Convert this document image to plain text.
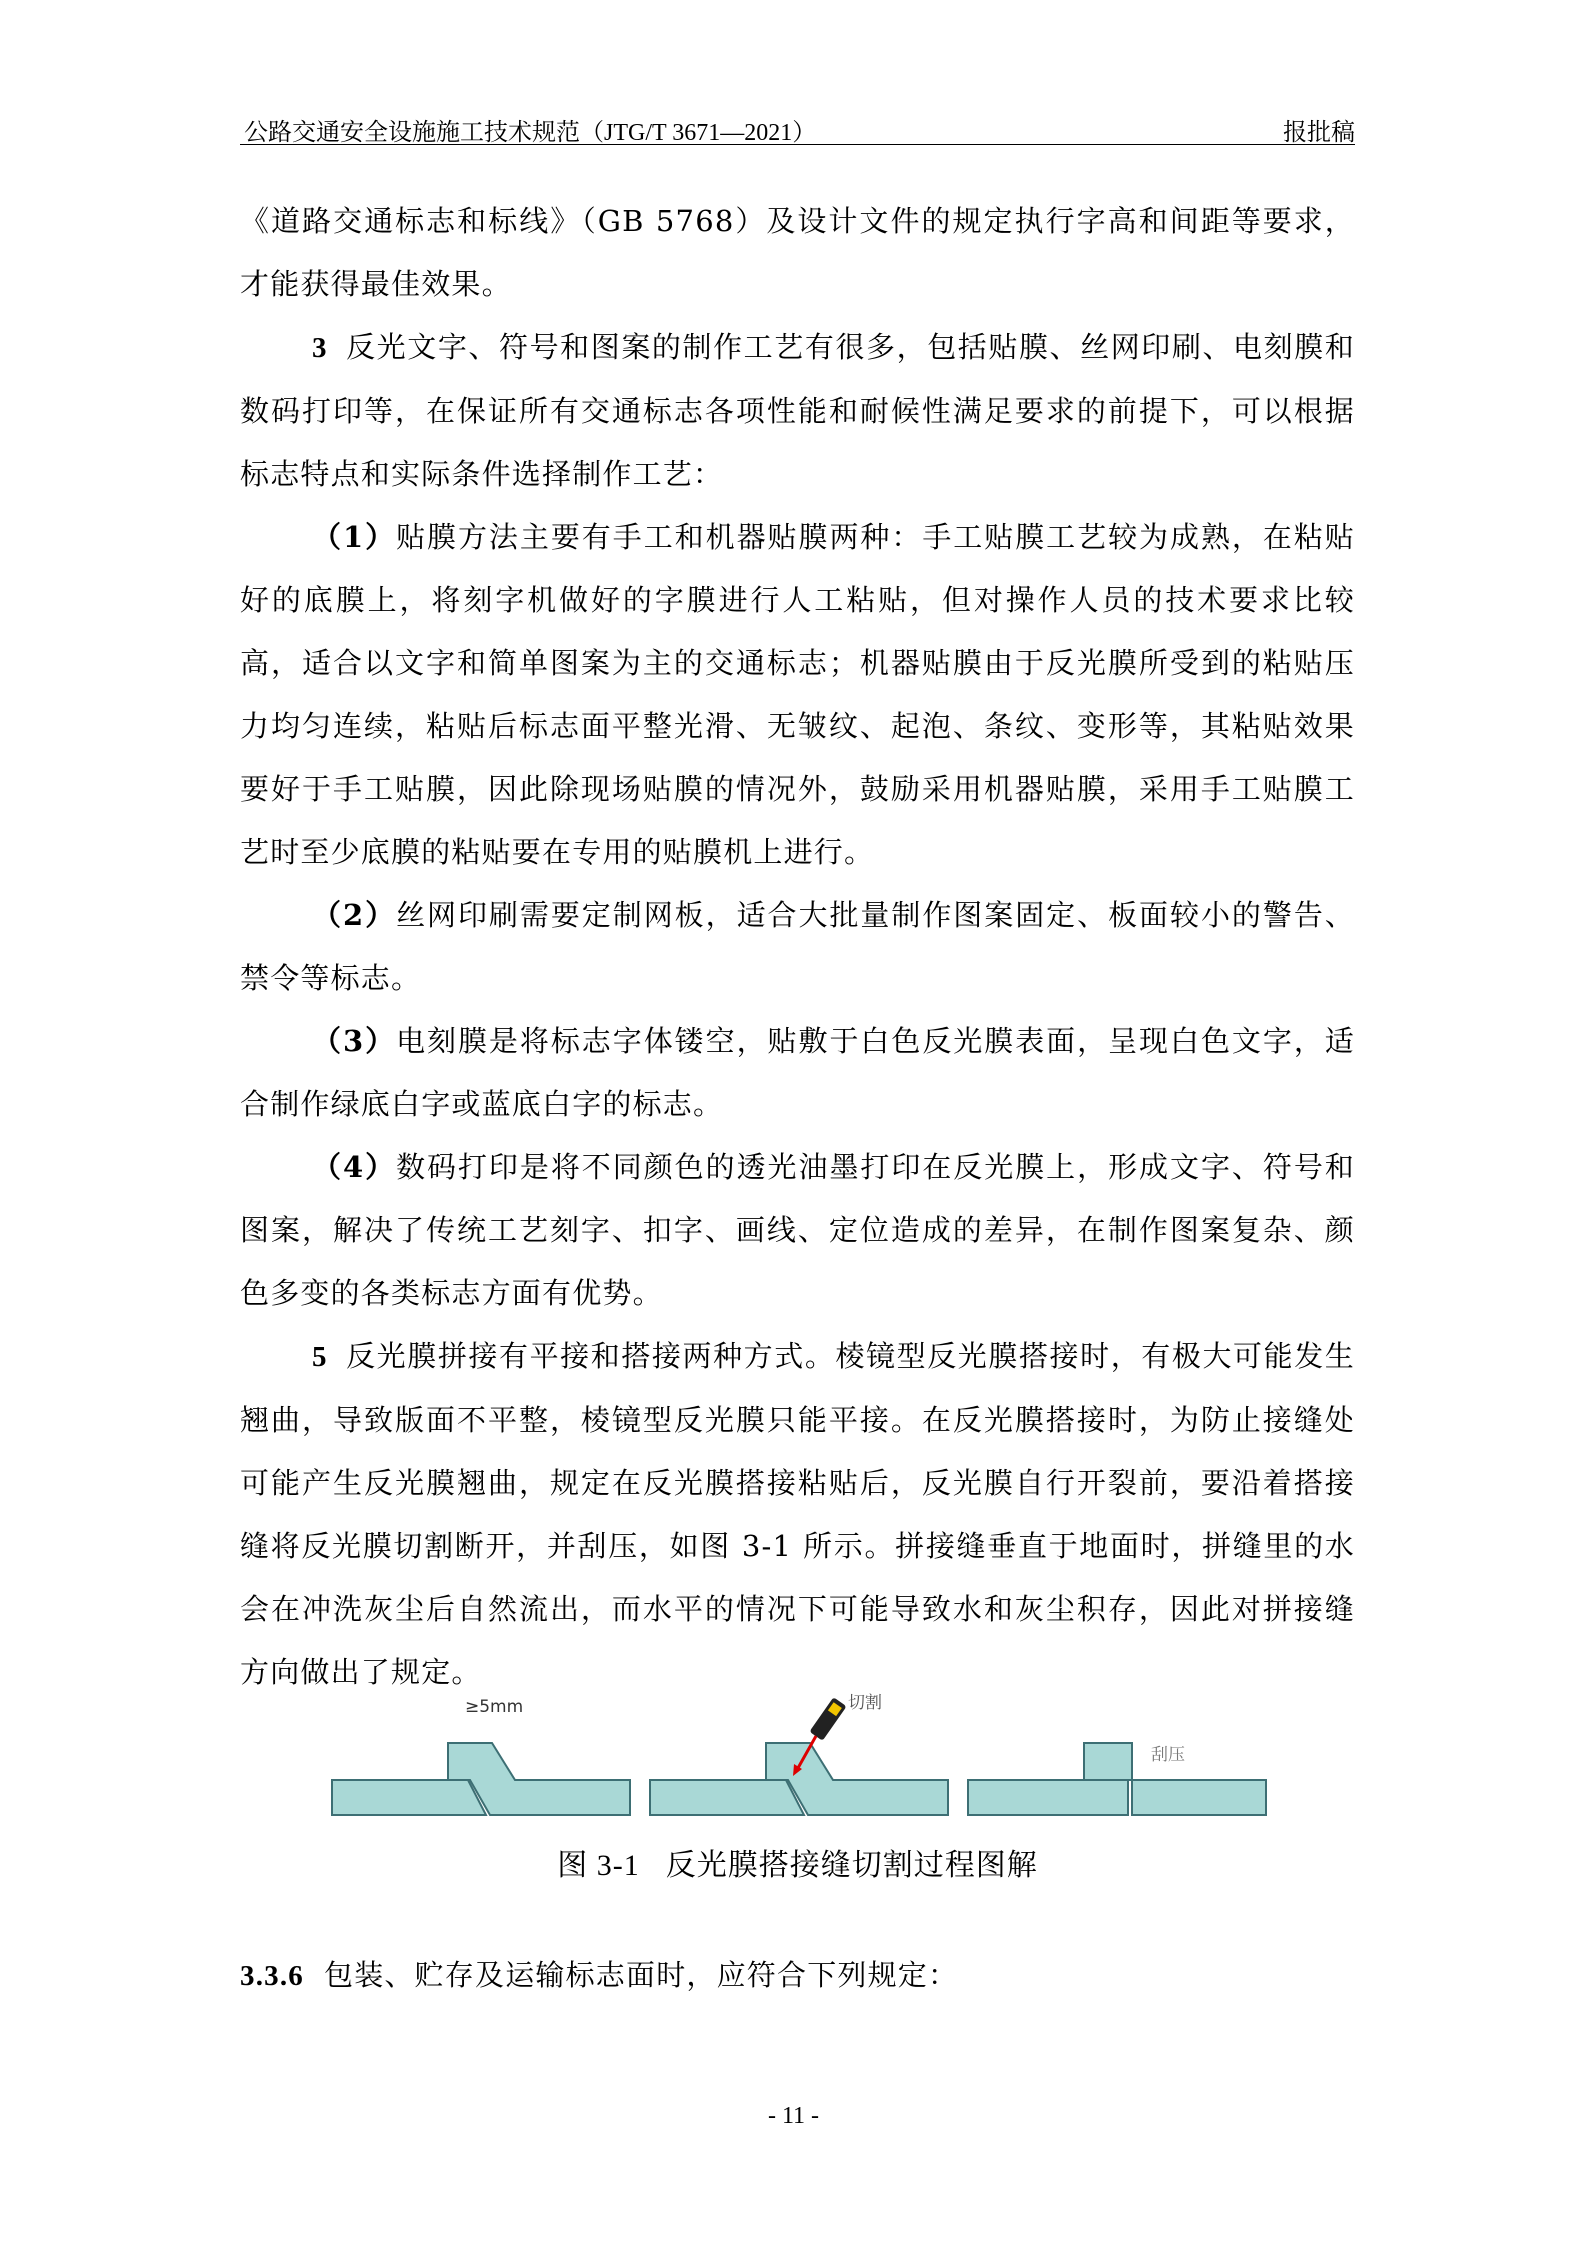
公路交通安全设施施工技术规范（JTG/T 3671—2021）	报批稿

《道路交通标志和标线》（GB 5768）及设计文件的规定执行字高和间距等要求，才能获得最佳效果。

3 反光文字、符号和图案的制作工艺有很多，包括贴膜、丝网印刷、电刻膜和数码打印等，在保证所有交通标志各项性能和耐候性满足要求的前提下，可以根据标志特点和实际条件选择制作工艺：

（1）贴膜方法主要有手工和机器贴膜两种：手工贴膜工艺较为成熟，在粘贴好的底膜上，将刻字机做好的字膜进行人工粘贴，但对操作人员的技术要求比较高，适合以文字和简单图案为主的交通标志；机器贴膜由于反光膜所受到的粘贴压力均匀连续，粘贴后标志面平整光滑、无皱纹、起泡、条纹、变形等，其粘贴效果要好于手工贴膜，因此除现场贴膜的情况外，鼓励采用机器贴膜，采用手工贴膜工艺时至少底膜的粘贴要在专用的贴膜机上进行。

（2）丝网印刷需要定制网板，适合大批量制作图案固定、板面较小的警告、禁令等标志。

（3）电刻膜是将标志字体镂空，贴敷于白色反光膜表面，呈现白色文字，适合制作绿底白字或蓝底白字的标志。

（4）数码打印是将不同颜色的透光油墨打印在反光膜上，形成文字、符号和图案，解决了传统工艺刻字、扣字、画线、定位造成的差异，在制作图案复杂、颜色多变的各类标志方面有优势。

5 反光膜拼接有平接和搭接两种方式。棱镜型反光膜搭接时，有极大可能发生翘曲，导致版面不平整，棱镜型反光膜只能平接。在反光膜搭接时，为防止接缝处可能产生反光膜翘曲，规定在反光膜搭接粘贴后，反光膜自行开裂前，要沿着搭接缝将反光膜切割断开，并刮压，如图 3-1 所示。拼接缝垂直于地面时，拼缝里的水会在冲洗灰尘后自然流出，而水平的情况下可能导致水和灰尘积存，因此对拼接缝方向做出了规定。

≥5mm	切割
刮压
图 3-1 反光膜搭接缝切割过程图解
3.3.6 包装、贮存及运输标志面时，应符合下列规定：
- 11 -
